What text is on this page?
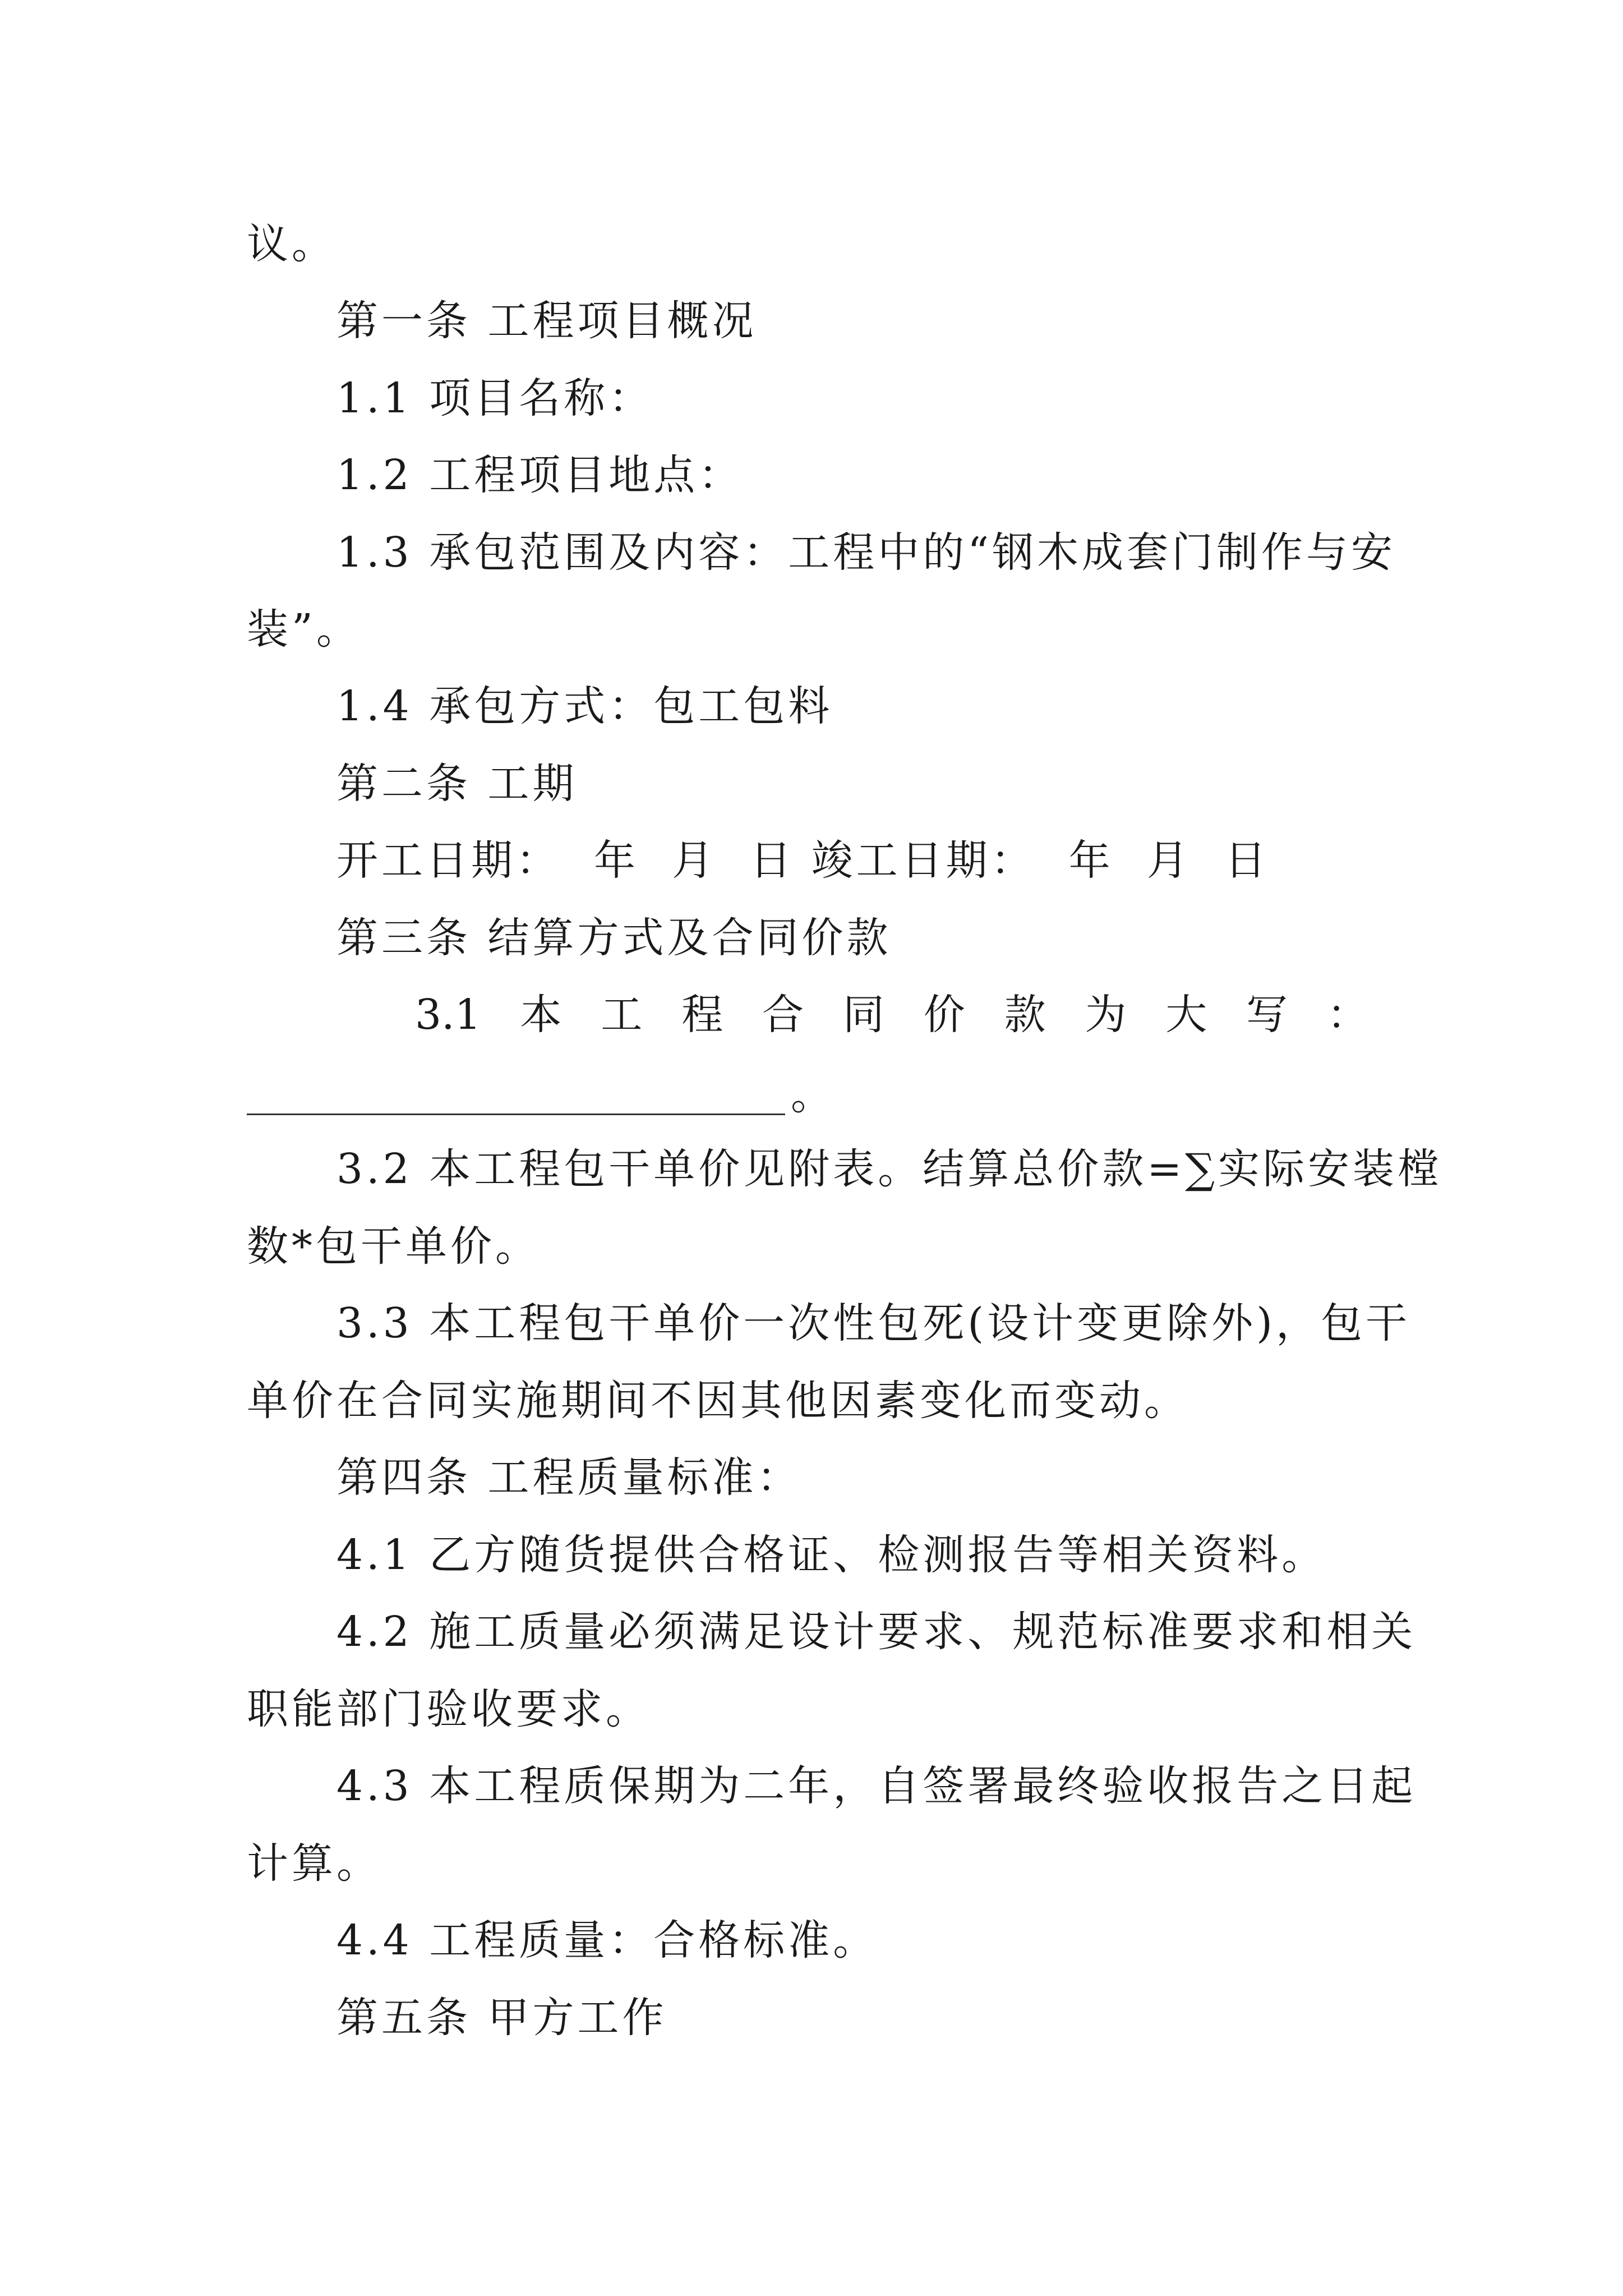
议。
第一条 工程项目概况
1.1 项目名称：
1.2 工程项目地点：
1.3 承包范围及内容：工程中的“钢木成套门制作与安
装”。
1.4 承包方式：包工包料
第二条 工期
开工日期：  年  月  日 竣工日期：  年  月  日
第三条 结算方式及合同价款
3.1 本 工 程 合 同 价 款 为 大 写 ：
。
3.2 本工程包干单价见附表。结算总价款=∑实际安装樘
数*包干单价。
3.3 本工程包干单价一次性包死(设计变更除外)，包干
单价在合同实施期间不因其他因素变化而变动。
第四条 工程质量标准：
4.1 乙方随货提供合格证、检测报告等相关资料。
4.2 施工质量必须满足设计要求、规范标准要求和相关
职能部门验收要求。
4.3 本工程质保期为二年，自签署最终验收报告之日起
计算。
4.4 工程质量：合格标准。
第五条 甲方工作
